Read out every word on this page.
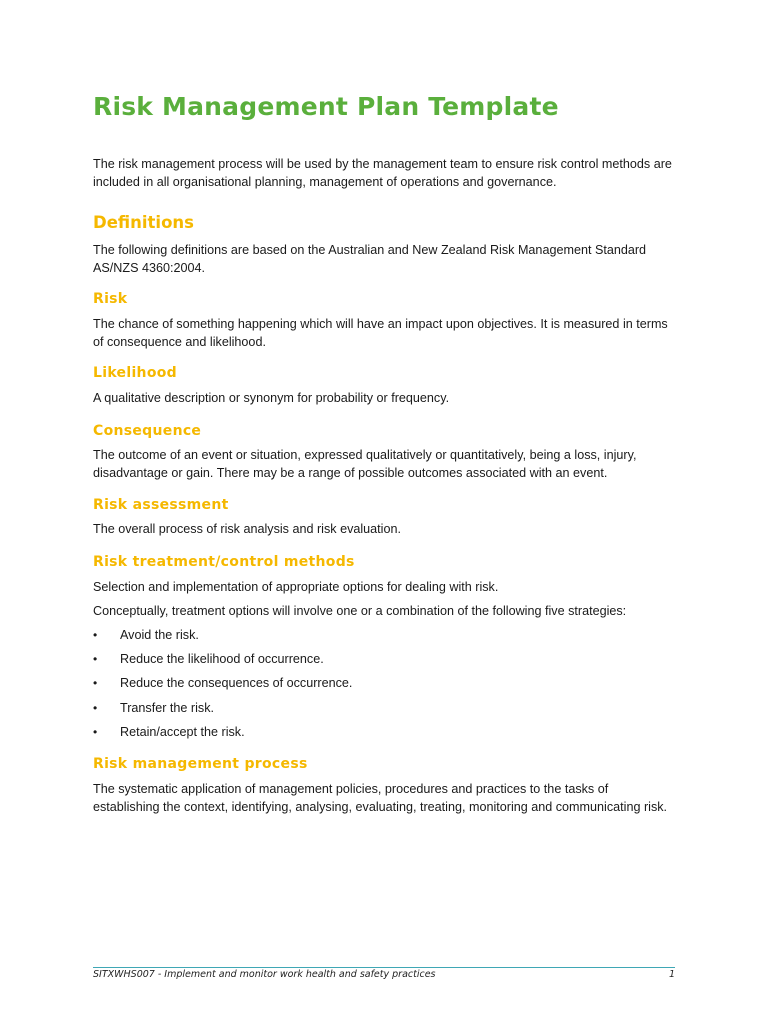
Risk Management Plan Template

The risk management process will be used by the management team to ensure risk control methods are included in all organisational planning, management of operations and governance.

Definitions

The following definitions are based on the Australian and New Zealand Risk Management Standard AS/NZS 4360:2004.

Risk

The chance of something happening which will have an impact upon objectives. It is measured in terms of consequence and likelihood.

Likelihood

A qualitative description or synonym for probability or frequency.

Consequence

The outcome of an event or situation, expressed qualitatively or quantitatively, being a loss, injury, disadvantage or gain. There may be a range of possible outcomes associated with an event.

Risk assessment

The overall process of risk analysis and risk evaluation.

Risk treatment/control methods

Selection and implementation of appropriate options for dealing with risk.

Conceptually, treatment options will involve one or a combination of the following five strategies:

• Avoid the risk.
• Reduce the likelihood of occurrence.
• Reduce the consequences of occurrence.
• Transfer the risk.
• Retain/accept the risk.
Risk management process

The systematic application of management policies, procedures and practices to the tasks of establishing the context, identifying, analysing, evaluating, treating, monitoring and communicating risk.

SITXWHS007 - Implement and monitor work health and safety practices	1
